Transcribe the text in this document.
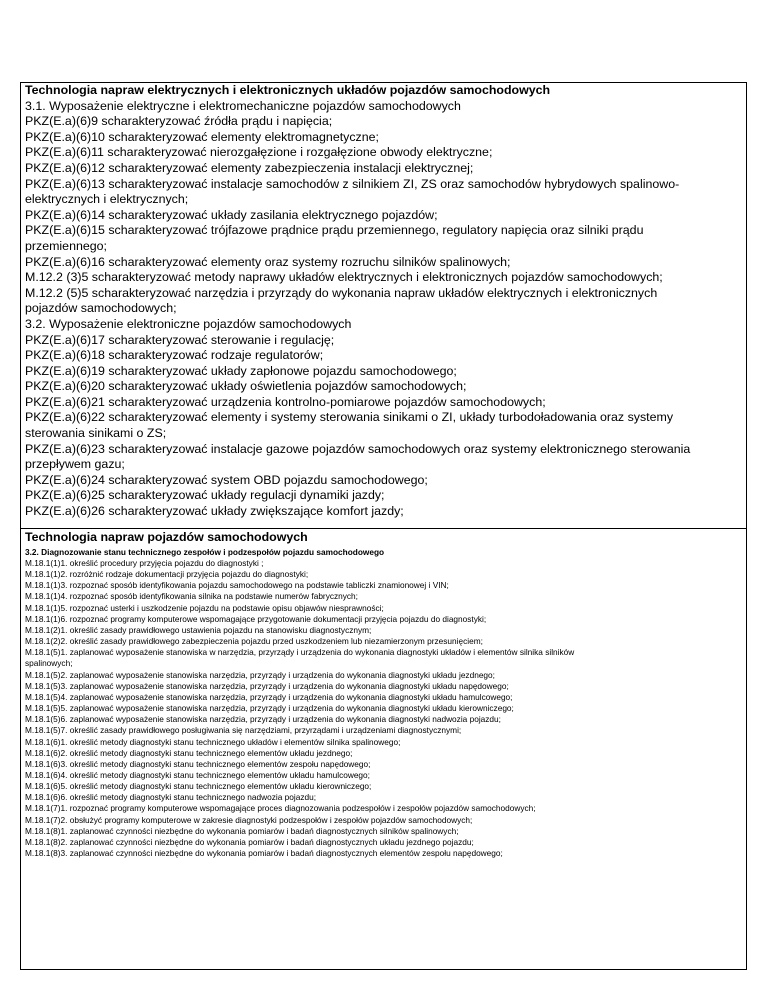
Technologia napraw elektrycznych i elektronicznych układów pojazdów samochodowych
3.1. Wyposażenie elektryczne i elektromechaniczne pojazdów samochodowych
PKZ(E.a)(6)9 scharakteryzować źródła prądu i napięcia;
PKZ(E.a)(6)10 scharakteryzować elementy elektromagnetyczne;
PKZ(E.a)(6)11 scharakteryzować nierozgałęzione i rozgałęzione obwody elektryczne;
PKZ(E.a)(6)12 scharakteryzować elementy zabezpieczenia instalacji elektrycznej;
PKZ(E.a)(6)13 scharakteryzować instalacje samochodów z silnikiem ZI, ZS oraz samochodów hybrydowych spalinowo-
elektrycznych i elektrycznych;
PKZ(E.a)(6)14 scharakteryzować układy zasilania elektrycznego pojazdów;
PKZ(E.a)(6)15 scharakteryzować trójfazowe prądnice prądu przemiennego, regulatory napięcia oraz silniki prądu
przemiennego;
PKZ(E.a)(6)16 scharakteryzować elementy oraz systemy rozruchu silników spalinowych;
M.12.2 (3)5 scharakteryzować metody naprawy układów elektrycznych i elektronicznych pojazdów samochodowych;
M.12.2 (5)5 scharakteryzować narzędzia i przyrządy do wykonania napraw układów elektrycznych i elektronicznych
pojazdów samochodowych;
3.2. Wyposażenie elektroniczne pojazdów samochodowych
PKZ(E.a)(6)17 scharakteryzować sterowanie i regulację;
PKZ(E.a)(6)18 scharakteryzować rodzaje regulatorów;
PKZ(E.a)(6)19 scharakteryzować układy zapłonowe pojazdu samochodowego;
PKZ(E.a)(6)20 scharakteryzować układy oświetlenia pojazdów samochodowych;
PKZ(E.a)(6)21 scharakteryzować urządzenia kontrolno-pomiarowe pojazdów samochodowych;
PKZ(E.a)(6)22 scharakteryzować elementy i systemy sterowania sinikami o ZI, układy turbodoładowania oraz systemy
sterowania sinikami o ZS;
PKZ(E.a)(6)23 scharakteryzować instalacje gazowe pojazdów samochodowych oraz systemy elektronicznego sterowania
przepływem gazu;
PKZ(E.a)(6)24 scharakteryzować system OBD pojazdu samochodowego;
PKZ(E.a)(6)25 scharakteryzować układy regulacji dynamiki jazdy;
PKZ(E.a)(6)26 scharakteryzować układy zwiększające komfort jazdy;
Technologia napraw pojazdów samochodowych
3.2. Diagnozowanie stanu technicznego zespołów i podzespołów pojazdu samochodowego
M.18.1(1)1. określić procedury przyjęcia pojazdu do diagnostyki ;
M.18.1(1)2. rozróżnić rodzaje dokumentacji przyjęcia pojazdu do diagnostyki;
M.18.1(1)3. rozpoznać sposób identyfikowania pojazdu samochodowego na podstawie tabliczki znamionowej i VIN;
M.18.1(1)4. rozpoznać sposób identyfikowania silnika na podstawie numerów fabrycznych;
M.18.1(1)5. rozpoznać usterki i uszkodzenie pojazdu na podstawie opisu objawów niesprawności;
M.18.1(1)6. rozpoznać programy komputerowe wspomagające przygotowanie dokumentacji przyjęcia pojazdu do diagnostyki;
M.18.1(2)1. określić zasady prawidłowego ustawienia pojazdu na stanowisku diagnostycznym;
M.18.1(2)2. określić zasady prawidłowego zabezpieczenia pojazdu przed uszkodzeniem lub niezamierzonym przesunięciem;
M.18.1(5)1. zaplanować wyposażenie stanowiska w narzędzia, przyrządy i urządzenia do wykonania diagnostyki układów i elementów silnika silników
spalinowych;
M.18.1(5)2. zaplanować wyposażenie stanowiska narzędzia, przyrządy i urządzenia do wykonania diagnostyki układu jezdnego;
M.18.1(5)3. zaplanować wyposażenie stanowiska narzędzia, przyrządy i urządzenia do wykonania diagnostyki układu napędowego;
M.18.1(5)4. zaplanować wyposażenie stanowiska narzędzia, przyrządy i urządzenia do wykonania diagnostyki układu hamulcowego;
M.18.1(5)5. zaplanować wyposażenie stanowiska narzędzia, przyrządy i urządzenia do wykonania diagnostyki układu kierowniczego;
M.18.1(5)6. zaplanować wyposażenie stanowiska narzędzia, przyrządy i urządzenia do wykonania diagnostyki nadwozia pojazdu;
M.18.1(5)7. określić zasady prawidłowego posługiwania się narzędziami, przyrządami i urządzeniami diagnostycznymi;
M.18.1(6)1. określić metody diagnostyki stanu technicznego układów i elementów silnika spalinowego;
M.18.1(6)2. określić metody diagnostyki stanu technicznego elementów układu jezdnego;
M.18.1(6)3. określić metody diagnostyki stanu technicznego elementów zespołu napędowego;
M.18.1(6)4. określić metody diagnostyki stanu technicznego elementów układu hamulcowego;
M.18.1(6)5. określić metody diagnostyki stanu technicznego elementów układu kierowniczego;
M.18.1(6)6. określić metody diagnostyki stanu technicznego nadwozia pojazdu;
M.18.1(7)1. rozpoznać programy komputerowe wspomagające proces diagnozowania podzespołów i zespołów pojazdów samochodowych;
M.18.1(7)2. obsłużyć programy komputerowe w zakresie diagnostyki podzespołów i zespołów pojazdów samochodowych;
M.18.1(8)1. zaplanować czynności niezbędne do wykonania pomiarów i badań diagnostycznych silników spalinowych;
M.18.1(8)2. zaplanować czynności niezbędne do wykonania pomiarów i badań diagnostycznych układu jezdnego pojazdu;
M.18.1(8)3. zaplanować czynności niezbędne do wykonania pomiarów i badań diagnostycznych elementów zespołu napędowego;
